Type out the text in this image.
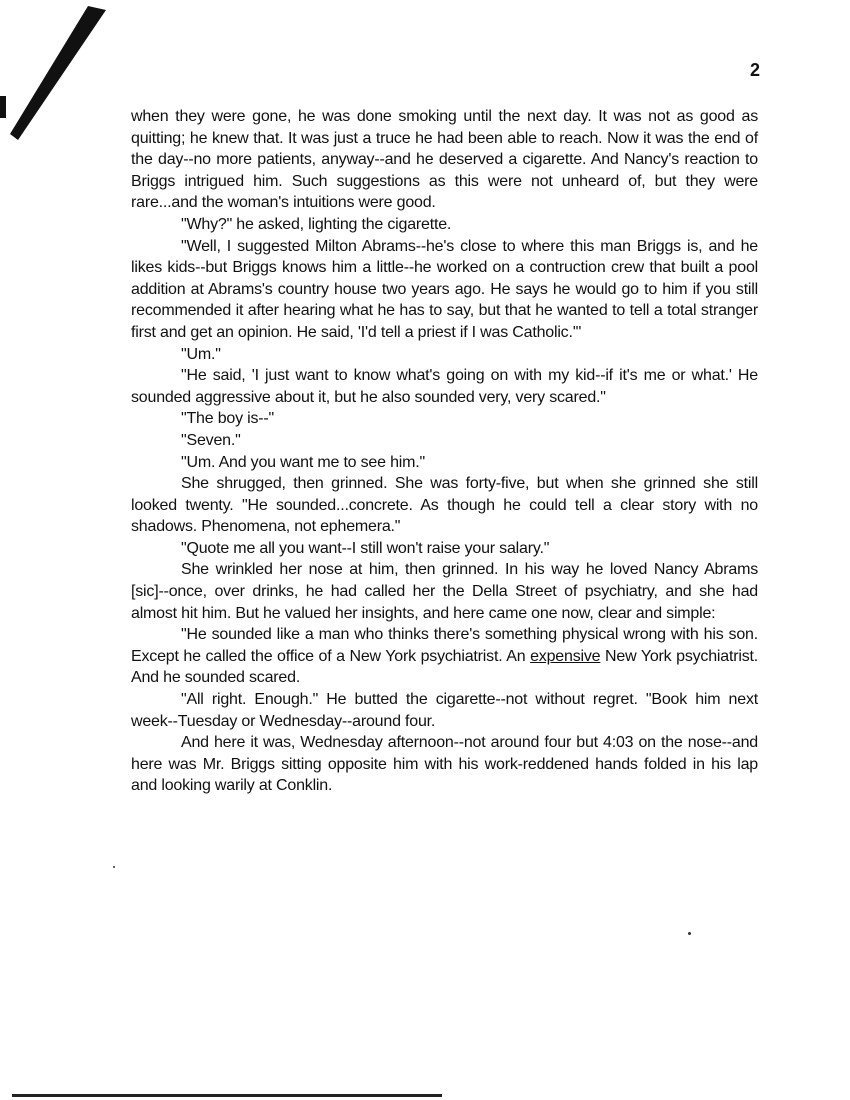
2

when they were gone, he was done smoking until the next day. It was not as good as quitting; he knew that. It was just a truce he had been able to reach. Now it was the end of the day--no more patients, anyway--and he deserved a cigarette. And Nancy's reaction to Briggs intrigued him. Such suggestions as this were not unheard of, but they were rare...and the woman's intuitions were good.

"Why?" he asked, lighting the cigarette.

"Well, I suggested Milton Abrams--he's close to where this man Briggs is, and he likes kids--but Briggs knows him a little--he worked on a contruction crew that built a pool addition at Abrams's country house two years ago. He says he would go to him if you still recommended it after hearing what he has to say, but that he wanted to tell a total stranger first and get an opinion. He said, 'I'd tell a priest if I was Catholic.'"

"Um."

"He said, 'I just want to know what's going on with my kid--if it's me or what.' He sounded aggressive about it, but he also sounded very, very scared."

"The boy is--"

"Seven."

"Um. And you want me to see him."

She shrugged, then grinned. She was forty-five, but when she grinned she still looked twenty. "He sounded...concrete. As though he could tell a clear story with no shadows. Phenomena, not ephemera."

"Quote me all you want--I still won't raise your salary."

She wrinkled her nose at him, then grinned. In his way he loved Nancy Abrams [sic]--once, over drinks, he had called her the Della Street of psychiatry, and she had almost hit him. But he valued her insights, and here came one now, clear and simple:

"He sounded like a man who thinks there's something physical wrong with his son. Except he called the office of a New York psychiatrist. An expensive New York psychiatrist. And he sounded scared.

"All right. Enough." He butted the cigarette--not without regret. "Book him next week--Tuesday or Wednesday--around four.

And here it was, Wednesday afternoon--not around four but 4:03 on the nose--and here was Mr. Briggs sitting opposite him with his work-reddened hands folded in his lap and looking warily at Conklin.
